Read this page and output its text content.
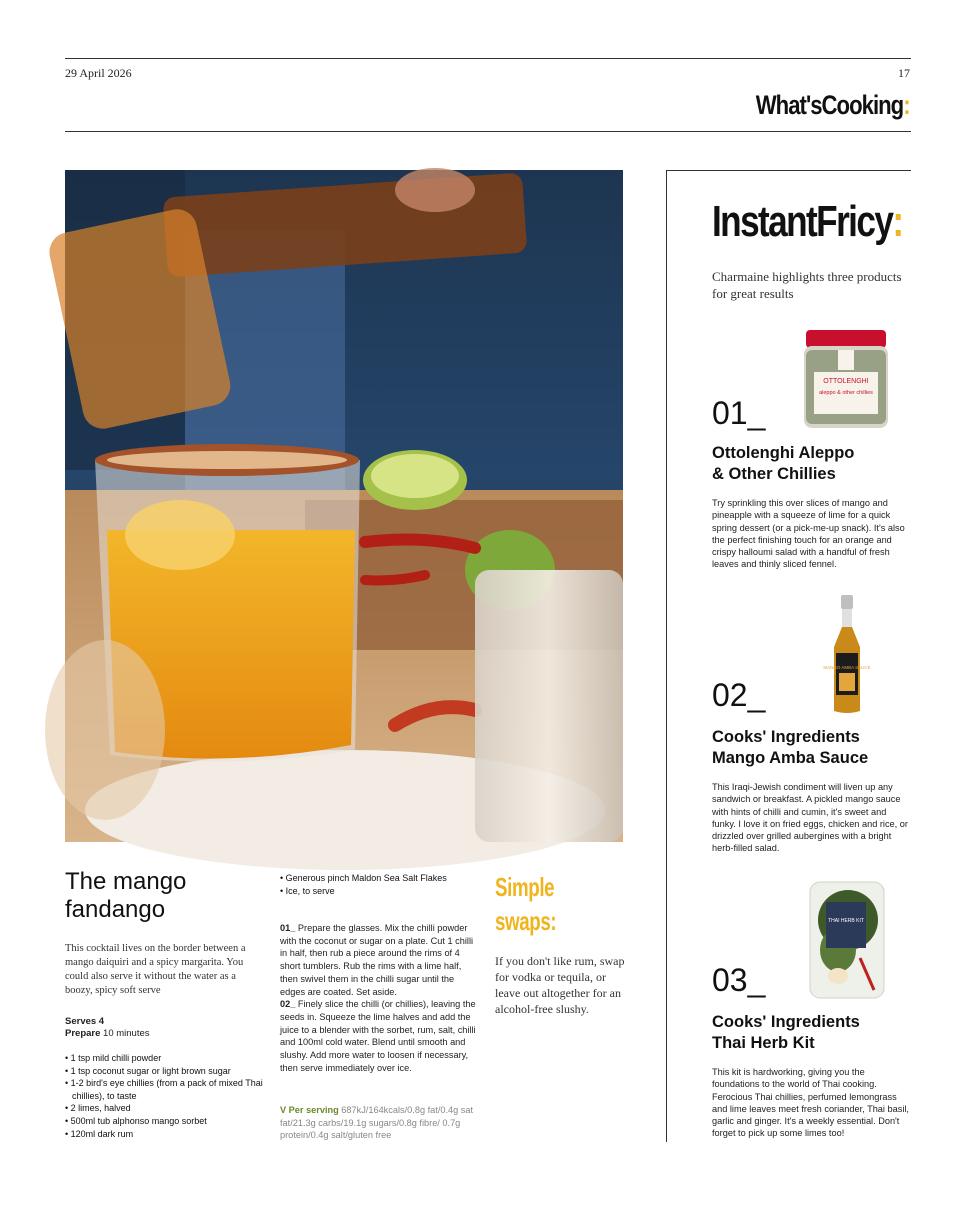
29 April 2026	17
What'sCooking:
The mango
fandango
This cocktail lives on the border between a mango daiquiri and a spicy margarita. You could also serve it without the water as a boozy, spicy soft serve
Serves 4
Prepare 10 minutes
• 1 tsp mild chilli powder
• 1 tsp coconut sugar or light brown sugar
• 1-2 bird's eye chillies (from a pack of mixed Thai chillies), to taste
• 2 limes, halved
• 500ml tub alphonso mango sorbet
• 120ml dark rum
• Generous pinch Maldon Sea Salt Flakes
• Ice, to serve
01_ Prepare the glasses. Mix the chilli powder with the coconut or sugar on a plate. Cut 1 chilli in half, then rub a piece around the rims of 4 short tumblers. Rub the rims with a lime half, then swivel them in the chilli sugar until the edges are coated. Set aside.
02_ Finely slice the chilli (or chillies), leaving the seeds in. Squeeze the lime halves and add the juice to a blender with the sorbet, rum, salt, chilli and 100ml cold water. Blend until smooth and slushy. Add more water to loosen if necessary, then serve immediately over ice.
V Per serving 687kJ/164kcals/0.8g fat/0.4g sat fat/21.3g carbs/19.1g sugars/0.8g fibre/ 0.7g protein/0.4g salt/gluten free
Simple
swaps:
If you don't like rum, swap for vodka or tequila, or leave out altogether for an alcohol-free slushy.
InstantFricy:
Charmaine highlights three products for great results
OTTOLENGHI
aleppo & other chillies
01_
Ottolenghi Aleppo
& Other Chillies
Try sprinkling this over slices of mango and pineapple with a squeeze of lime for a quick spring dessert (or a pick-me-up snack). It's also the perfect finishing touch for an orange and crispy halloumi salad with a handful of fresh leaves and thinly sliced fennel.
MANGO AMBA SAUCE
02_
Cooks' Ingredients
Mango Amba Sauce
This Iraqi-Jewish condiment will liven up any sandwich or breakfast. A pickled mango sauce with hints of chilli and cumin, it's sweet and funky. I love it on fried eggs, chicken and rice, or drizzled over grilled aubergines with a bright herb-filled salad.
THAI HERB KIT
03_
Cooks' Ingredients
Thai Herb Kit
This kit is hardworking, giving you the foundations to the world of Thai cooking. Ferocious Thai chillies, perfumed lemongrass and lime leaves meet fresh coriander, Thai basil, garlic and ginger. It's a weekly essential. Don't forget to pick up some limes too!
